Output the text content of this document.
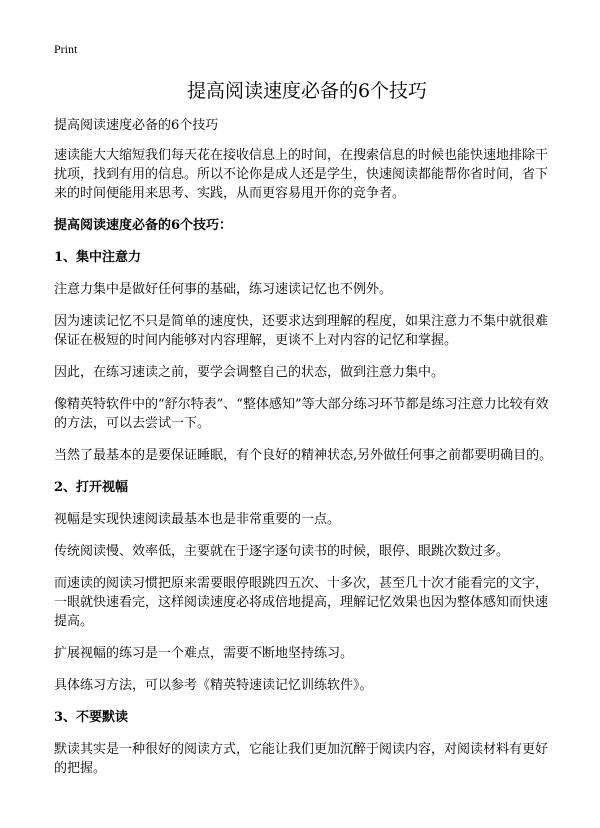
Print
提高阅读速度必备的6个技巧
提高阅读速度必备的6个技巧
速读能大大缩短我们每天花在接收信息上的时间，在搜索信息的时候也能快速地排除干扰项，找到有用的信息。所以不论你是成人还是学生，快速阅读都能帮你省时间，省下来的时间便能用来思考、实践，从而更容易甩开你的竞争者。
提高阅读速度必备的6个技巧：
1、集中注意力
注意力集中是做好任何事的基础，练习速读记忆也不例外。
因为速读记忆不只是简单的速度快，还要求达到理解的程度，如果注意力不集中就很难保证在极短的时间内能够对内容理解，更谈不上对内容的记忆和掌握。
因此，在练习速读之前，要学会调整自己的状态，做到注意力集中。
像精英特软件中的“舒尔特表”、“整体感知”等大部分练习环节都是练习注意力比较有效的方法，可以去尝试一下。
当然了最基本的是要保证睡眠，有个良好的精神状态,另外做任何事之前都要明确目的。
2、打开视幅
视幅是实现快速阅读最基本也是非常重要的一点。
传统阅读慢、效率低，主要就在于逐字逐句读书的时候，眼停、眼跳次数过多。
而速读的阅读习惯把原来需要眼停眼跳四五次、十多次，甚至几十次才能看完的文字，一眼就快速看完，这样阅读速度必将成倍地提高，理解记忆效果也因为整体感知而快速提高。
扩展视幅的练习是一个难点，需要不断地坚持练习。
具体练习方法，可以参考《精英特速读记忆训练软件》。
3、不要默读
默读其实是一种很好的阅读方式，它能让我们更加沉醉于阅读内容，对阅读材料有更好的把握。
